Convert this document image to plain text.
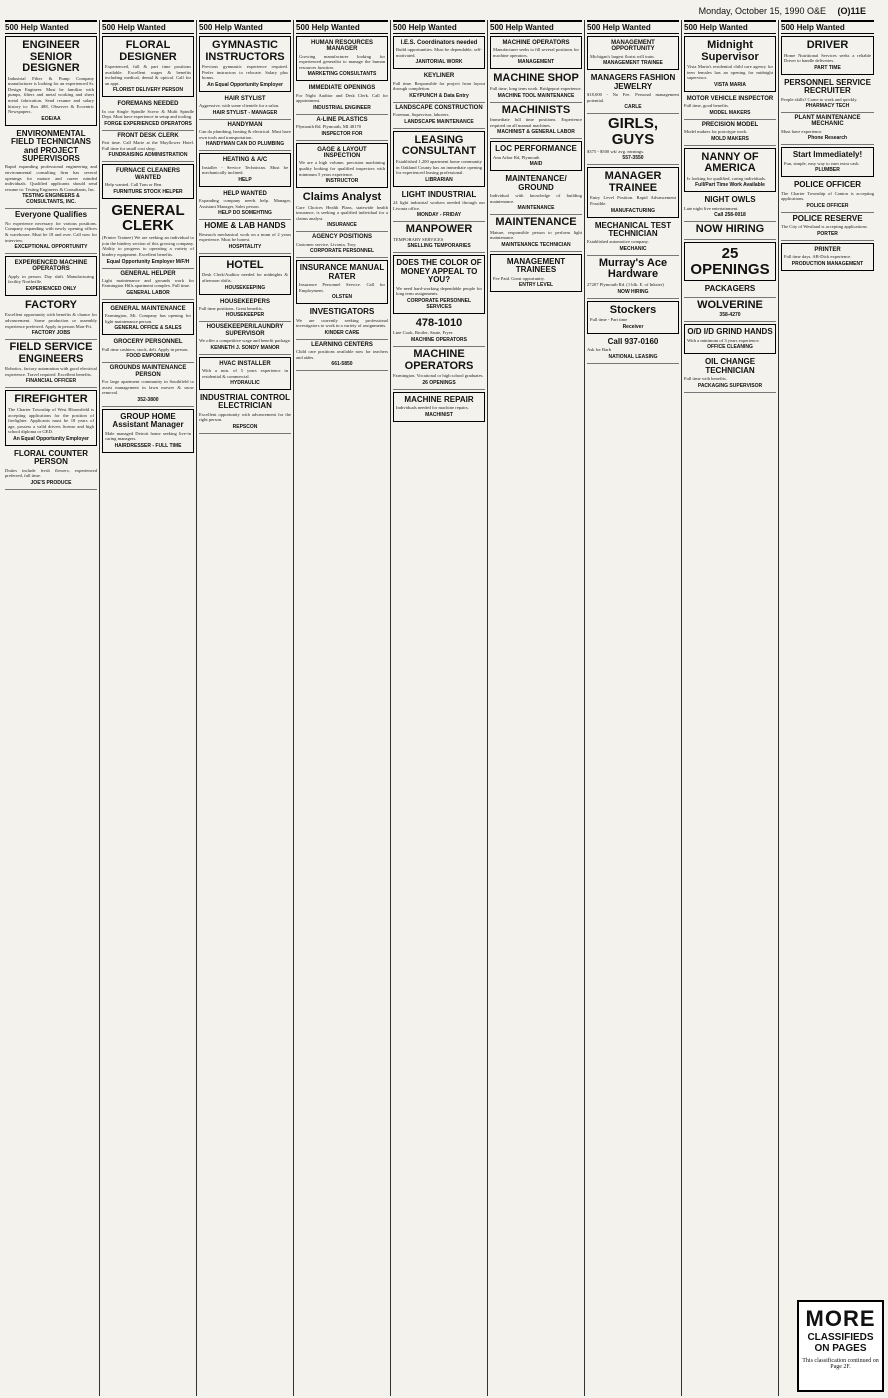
Monday, October 15, 1990 O&E (O)11E
500 Help Wanted
ENGINEER SENIOR DESIGNER
Industrial Filter & Pump Company manufacturer is looking for an experienced Sr. Design Engineer. Must be familiar with pumps, filters and metal working and sheet metal fabrication. Send resume and salary history to: Box 488, Observer & Eccentric Newspapers.
EOE/AA
ENVIRONMENTAL FIELD TECHNICIANS and PROJECT SUPERVISORS
Rapid expanding professional engineering and environmental consulting firm has several openings for mature and career minded individuals. Qualified applicants should send resume to: Testing Engineers & Consultants, Inc.
TESTING ENGINEERS & CONSULTANTS, INC.
Everyone Qualifies
No experience necessary for various positions. Company expanding with newly opening offices & warehouse. Must be 18 and over. Call now for interview.
EXCEPTIONAL OPPORTUNITY
EXPERIENCED MACHINE OPERATORS
Apply in person. Day shift. Manufacturing facility Northville.
EXPERIENCED ONLY
FACTORY
Excellent opportunity with benefits & chance for advancement. Some production or assembly experience preferred. Apply in person Mon-Fri.
FACTORY JOBS
FIELD SERVICE ENGINEERS
Robotics, factory automation with good electrical experience. Travel required. Excellent benefits.
FINANCIAL OFFICER
FIREFIGHTER
The Charter Township of West Bloomfield is accepting applications for the position of firefighter. Applicants must be 18 years of age, possess a valid drivers license and high school diploma or GED.
An Equal Opportunity Employer
FLORAL COUNTER PERSON
Duties include fresh flowers, experienced preferred, full time.
JOE'S PRODUCE
500 Help Wanted
FLORAL DESIGNER
Experienced, full & part time positions available. Excellent wages & benefits including medical, dental & optical. Call for an appt.
FLORIST DELIVERY PERSON
FOREMANS NEEDED
In our Single Spindle Screw & Multi Spindle Dept. Must have experience in setup and tooling.
FORGE EXPERIENCED OPERATORS
FRONT DESK CLERK
Part time. Call Marie at the Mayflower Hotel. Full time for small cost shop.
FUNDRAISING ADMINISTRATION
FURNACE CLEANERS WANTED
Help wanted. Call Tom or Ben.
FURNITURE STOCK HELPER
GENERAL CLERK
(Printer Trainee) We are seeking an individual to join the bindery section of this growing company. Ability to progress to operating a variety of bindery equipment. Excellent benefits.
Equal Opportunity Employer M/F/H
GENERAL HELPER
Light maintenance and grounds work for Farmington Hills apartment complex. Full time.
GENERAL LABOR
GENERAL MAINTENANCE
Farmington, Mi. Company has opening for light maintenance person.
GENERAL OFFICE & SALES
GROCERY PERSONNEL
Full time cashiers, stock, deli. Apply in person.
FOOD EMPORIUM
GROUNDS MAINTENANCE PERSON
For large apartment community in Southfield to assist management in lawn mower & snow removal.
352-3800
GROUP HOME Assistant Manager
Male managed Detroit home seeking live-in caring managers.
HAIRDRESSER - FULL TIME
500 Help Wanted
GYMNASTIC INSTRUCTORS
Previous gymnastic experience required. Prefer instructors to relocate. Salary plus bonus.
An Equal Opportunity Employer
HAIR STYLIST
Aggressive, with some clientele for a salon.
HAIR STYLIST - MANAGER
HANDYMAN
Can do plumbing, heating & electrical. Must have own tools and transportation.
HANDYMAN CAN DO PLUMBING
HEATING & A/C
Installer - Service Technician. Must be mechanically inclined.
HELP
HELP WANTED
Expanding company needs help. Manager, Assistant Manager, Sales person.
HELP DO SOMEHTING
HOME & LAB HANDS
Research mechanical work on a mum of 2 years experience. Must be honest.
HOSPITALITY
HOTEL
Desk Clerk/Auditor needed for midnights & afternoon shifts.
HOUSEKEEPING
HOUSEKEEPERS
Full time positions. Great benefits.
HOUSEKEEPER
HOUSEKEEPER/LAUNDRY SUPERVISOR
We offer a competitive wage and benefit package.
KENNETH J. SONDY MANOR
HVAC INSTALLER
With a min. of 5 years experience in residential & commercial.
HYDRAULIC
INDUSTRIAL CONTROL ELECTRICIAN
Excellent opportunity with advancement for the right person.
REPSCON
500 Help Wanted
HUMAN RESOURCES MANAGER
Growing manufacturer looking for experienced generalist to manage the human resources function.
MARKETING CONSULTANTS
IMMEDIATE OPENINGS
For Night Auditor and Desk Clerk. Call for appointment.
INDUSTRIAL ENGINEER
A-LINE PLASTICS
Plymouth Rd. Plymouth, MI 48170
INSPECTOR FOR
GAGE & LAYOUT INSPECTION
We are a high volume, precision machining quality looking for qualified inspectors with minimum 5 years experience.
INSTRUCTOR
Claims Analyst
Care Choices Health Plans, statewide health insurance, is seeking a qualified individual for a claims analyst.
INSURANCE
AGENCY POSITIONS
Customer service, Livonia, Troy.
CORPORATE PERSONNEL
INSURANCE MANUAL RATER
Insurance Personnel Service. Call for Employment.
OLSTEN
INVESTIGATORS
We are currently seeking professional investigators to work in a variety of assignments.
KINDER CARE
LEARNING CENTERS
Child care positions available now for teachers and aides.
661-5850
500 Help Wanted
I.E.S. Coordinators needed
Build opportunities. Must be dependable, self-motivated.
JANITORIAL WORK
KEYLINER
Full time. Responsible for project from layout through completion.
KEYPUNCH & Data Entry
LANDSCAPE CONSTRUCTION
Foreman, Supervisor, laborers.
LANDSCAPE MAINTENANCE
LEASING CONSULTANT
Established 1,200 apartment home community in Oakland County has an immediate opening for experienced leasing professional.
LIBRARIAN
LIGHT INDUSTRIAL
24 light industrial workers needed through our Livonia office.
MONDAY - FRIDAY
MANPOWER
TEMPORARY SERVICES
SNELLING TEMPORARIES
DOES THE COLOR OF MONEY APPEAL TO YOU?
We need hard-working dependable people for long term assignments.
CORPORATE PERSONNEL SERVICES
478-1010
Line Cook, Broiler, Saute, Fryer.
MACHINE OPERATORS
MACHINE OPERATORS
Farmington. Vocational or high school graduates.
26 OPENINGS
MACHINE REPAIR
Individuals needed for machine repairs.
MACHINIST
500 Help Wanted
MACHINE OPERATORS
Manufacturer seeks to fill several positions for machine operators.
MANAGEMENT
MACHINE SHOP
Full time, long term work. Bridgeport experience.
MACHINE TOOL MAINTENANCE
MACHINISTS
Immediate full time positions. Experience required on all manual machines.
MACHINIST & GENERAL LABOR
LOC PERFORMANCE
Ann Arbor Rd, Plymouth
MAID
MAINTENANCE/ GROUND
Individual with knowledge of building maintenance.
MAINTENANCE
MAINTENANCE
Mature, responsible person to perform light maintenance.
MAINTENANCE TECHNICIAN
MANAGEMENT TRAINEES
Fee Paid. Great opportunity.
ENTRY LEVEL
500 Help Wanted
MANAGEMENT OPPORTUNITY
Michigan's largest florist will train.
MANAGEMENT TRAINEE
MANAGERS FASHION JEWELRY
$18,000 - No Fee. Personal management potential.
CARLE
GIRLS, GUYS
$375 - $500 wk/ avg. earnings.
557-3550
MANAGER TRAINEE
Entry Level Position. Rapid Advancement Possible.
MANUFACTURING
MECHANICAL TEST TECHNICIAN
Established automotive company.
MECHANIC
Murray's Ace Hardware
27207 Plymouth Rd. (1 blk. E. of Inkster)
NOW HIRING
Stockers
Full time - Part time
Receiver
Call 937-0160
Ask for Barb
NATIONAL LEASING
500 Help Wanted
Midnight Supervisor
Vista Maria's residential child care agency for teen females has an opening for midnight supervisor.
VISTA MARIA
MOTOR VEHICLE INSPECTOR
Full time, good benefits.
MODEL MAKERS
PRECISION MODEL
Model makers for prototype work.
MOLD MAKERS
NANNY OF AMERICA
Is looking for qualified, caring individuals.
Full/Part Time Work Available
NIGHT OWLS
Late night live entertainment.
Call 258-0018
NOW HIRING
25 OPENINGS
PACKAGERS
WOLVERINE
358-4270
O/D I/D GRIND HANDS
With a minimum of 3 years experience.
OFFICE CLEANING
OIL CHANGE TECHNICIAN
Full time with benefits.
PACKAGING SUPERVISOR
500 Help Wanted
DRIVER
Home Nutritional Services seeks a reliable Driver to handle deliveries.
PART TIME
PERSONNEL SERVICE RECRUITER
People skills? Come to work and quickly.
PHARMACY TECH
PLANT MAINTENANCE MECHANIC
Must have experience.
Phone Research
Start Immediately!
Fun, simple, easy way to earn extra cash.
PLUMBER
POLICE OFFICER
The Charter Township of Canton is accepting applications.
POLICE OFFICER
POLICE RESERVE
The City of Westland is accepting applications.
PORTER
PRINTER
Full time days. AB-Dick experience.
PRODUCTION MANAGEMENT
MORE
CLASSIFIEDS ON PAGES
This classification continued on Page 2F.
